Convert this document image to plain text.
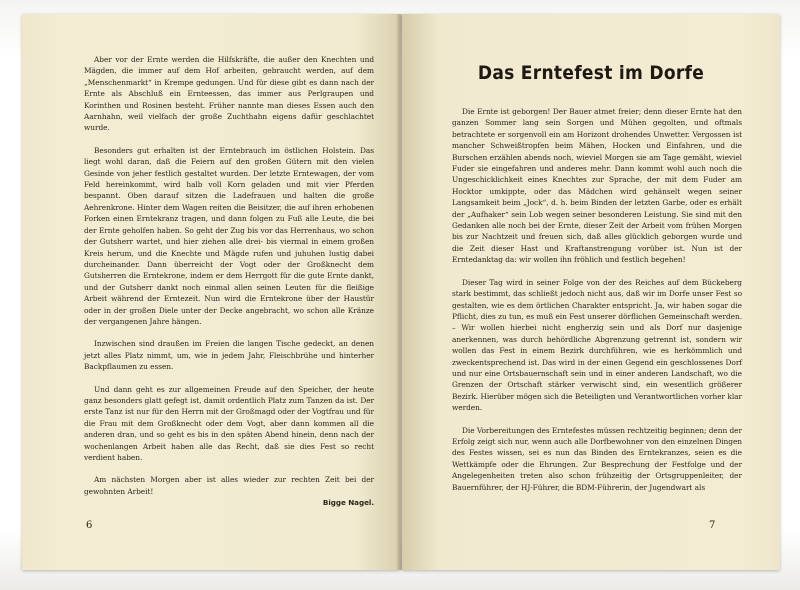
Aber vor der Ernte werden die Hilfskräfte, die außer den Knechten und Mägden, die immer auf dem Hof arbeiten, gebraucht werden, auf dem „Menschenmarkt“ in Krempe gedungen. Und für diese gibt es dann nach der Ernte als Abschluß ein Ernteessen, das immer aus Perlgraupen und Korinthen und Rosinen besteht. Früher nannte man dieses Essen auch den Aarnhahn, weil vielfach der große Zuchthahn eigens dafür geschlachtet wurde.

Besonders gut erhalten ist der Erntebrauch im östlichen Holstein. Das liegt wohl daran, daß die Feiern auf den großen Gütern mit den vielen Gesinde von jeher festlich gestaltet wurden. Der letzte Erntewagen, der vom Feld hereinkommt, wird halb voll Korn geladen und mit vier Pferden bespannt. Oben darauf sitzen die Ladefrauen und halten die große Aehrenkrone. Hinter dem Wagen reiten die Beisitzer, die auf ihren erhobenen Forken einen Erntekranz tragen, und dann folgen zu Fuß alle Leute, die bei der Ernte geholfen haben. So geht der Zug bis vor das Herrenhaus, wo schon der Gutsherr wartet, und hier ziehen alle drei- bis viermal in einem großen Kreis herum, und die Knechte und Mägde rufen und juhuhen lustig dabei durcheinander. Dann überreicht der Vogt oder der Großknecht dem Gutsherren die Erntekrone, indem er dem Herrgott für die gute Ernte dankt, und der Gutsherr dankt noch einmal allen seinen Leuten für die fleißige Arbeit während der Erntezeit. Nun wird die Erntekrone über der Haustür oder in der großen Diele unter der Decke angebracht, wo schon alle Kränze der vergangenen Jahre hängen.

Inzwischen sind draußen im Freien die langen Tische gedeckt, an denen jetzt alles Platz nimmt, um, wie in jedem Jahr, Fleischbrühe und hinterher Backpflaumen zu essen.

Und dann geht es zur allgemeinen Freude auf den Speicher, der heute ganz besonders glatt gefegt ist, damit ordentlich Platz zum Tanzen da ist. Der erste Tanz ist nur für den Herrn mit der Großmagd oder der Vogtfrau und für die Frau mit dem Großknecht oder dem Vogt, aber dann kommen all die anderen dran, und so geht es bis in den späten Abend hinein, denn nach der wochenlangen Arbeit haben alle das Recht, daß sie dies Fest so recht verdient haben.

Am nächsten Morgen aber ist alles wieder zur rechten Zeit bei der gewohnten Arbeit!

Bigge Nagel.
6
Das Erntefest im Dorfe

Die Ernte ist geborgen! Der Bauer atmet freier; denn dieser Ernte hat den ganzen Sommer lang sein Sorgen und Mühen gegolten, und oftmals betrachtete er sorgenvoll ein am Horizont drohendes Unwetter. Vergossen ist mancher Schweißtropfen beim Mähen, Hocken und Einfahren, und die Burschen erzählen abends noch, wieviel Morgen sie am Tage gemäht, wieviel Fuder sie eingefahren und anderes mehr. Dann kommt wohl auch noch die Ungeschicklichkeit eines Knechtes zur Sprache, der mit dem Fuder am Hocktor umkippte, oder das Mädchen wird gehänselt wegen seiner Langsamkeit beim „Jock“, d. h. beim Binden der letzten Garbe, oder es erhält der „Aufhaker“ sein Lob wegen seiner besonderen Leistung. Sie sind mit den Gedanken alle noch bei der Ernte, dieser Zeit der Arbeit vom frühen Morgen bis zur Nachtzeit und freuen sich, daß alles glücklich geborgen wurde und die Zeit dieser Hast und Kraftanstrengung vorüber ist. Nun ist der Erntedanktag da: wir wollen ihn fröhlich und festlich begehen!

Dieser Tag wird in seiner Folge von der des Reiches auf dem Bückeberg stark bestimmt, das schließt jedoch nicht aus, daß wir im Dorfe unser Fest so gestalten, wie es dem örtlichen Charakter entspricht. Ja, wir haben sogar die Pflicht, dies zu tun, es muß ein Fest unserer dörflichen Gemeinschaft werden. – Wir wollen hierbei nicht engherzig sein und als Dorf nur dasjenige anerkennen, was durch behördliche Abgrenzung getrennt ist, sondern wir wollen das Fest in einem Bezirk durchführen, wie es herkömmlich und zweckentsprechend ist. Das wird in der einen Gegend ein geschlossenes Dorf und nur eine Ortsbauernschaft sein und in einer anderen Landschaft, wo die Grenzen der Ortschaft stärker verwischt sind, ein wesentlich größerer Bezirk. Hierüber mögen sich die Beteiligten und Verantwortlichen vorher klar werden.

Die Vorbereitungen des Erntefestes müssen rechtzeitig beginnen; denn der Erfolg zeigt sich nur, wenn auch alle Dorfbewohner von den einzelnen Dingen des Festes wissen, sei es nun das Binden des Erntekranzes, seien es die Wettkämpfe oder die Ehrungen. Zur Besprechung der Festfolge und der Angelegenheiten treten also schon frühzeitig der Ortsgruppenleiter, der Bauernführer, der HJ-Führer, die BDM-Führerin, der Jugendwart als

7
